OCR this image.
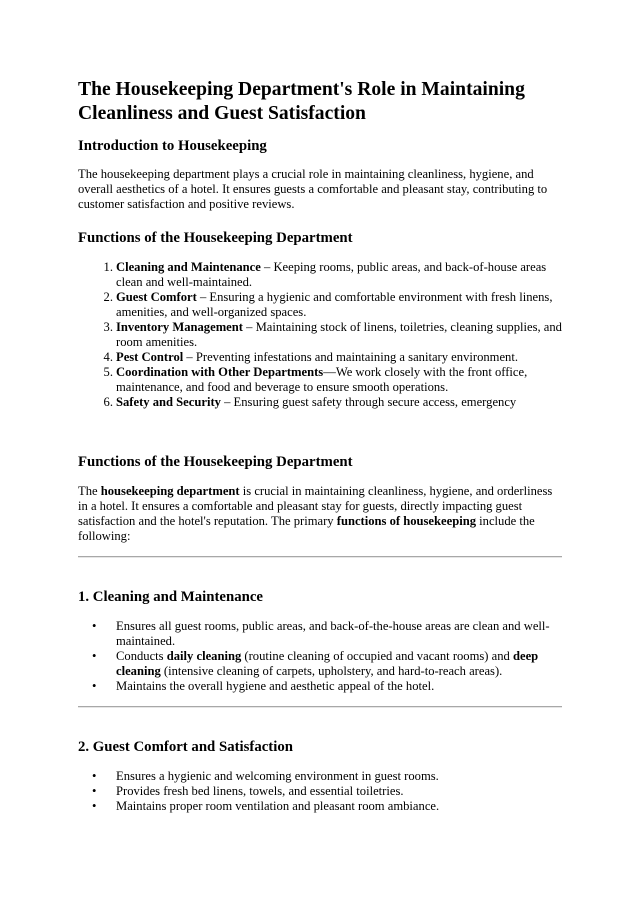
The Housekeeping Department's Role in Maintaining Cleanliness and Guest Satisfaction
Introduction to Housekeeping

The housekeeping department plays a crucial role in maintaining cleanliness, hygiene, and overall aesthetics of a hotel. It ensures guests a comfortable and pleasant stay, contributing to customer satisfaction and positive reviews.

Functions of the Housekeeping Department
1. Cleaning and Maintenance – Keeping rooms, public areas, and back-of-house areas clean and well-maintained.
2. Guest Comfort – Ensuring a hygienic and comfortable environment with fresh linens, amenities, and well-organized spaces.
3. Inventory Management – Maintaining stock of linens, toiletries, cleaning supplies, and room amenities.
4. Pest Control – Preventing infestations and maintaining a sanitary environment.
5. Coordination with Other Departments—We work closely with the front office, maintenance, and food and beverage to ensure smooth operations.
6. Safety and Security – Ensuring guest safety through secure access, emergency
Functions of the Housekeeping Department

The housekeeping department is crucial in maintaining cleanliness, hygiene, and orderliness in a hotel. It ensures a comfortable and pleasant stay for guests, directly impacting guest satisfaction and the hotel's reputation. The primary functions of housekeeping include the following:

1. Cleaning and Maintenance
• Ensures all guest rooms, public areas, and back-of-the-house areas are clean and well-maintained.
• Conducts daily cleaning (routine cleaning of occupied and vacant rooms) and deep cleaning (intensive cleaning of carpets, upholstery, and hard-to-reach areas).
• Maintains the overall hygiene and aesthetic appeal of the hotel.
2. Guest Comfort and Satisfaction
• Ensures a hygienic and welcoming environment in guest rooms.
• Provides fresh bed linens, towels, and essential toiletries.
• Maintains proper room ventilation and pleasant room ambiance.
